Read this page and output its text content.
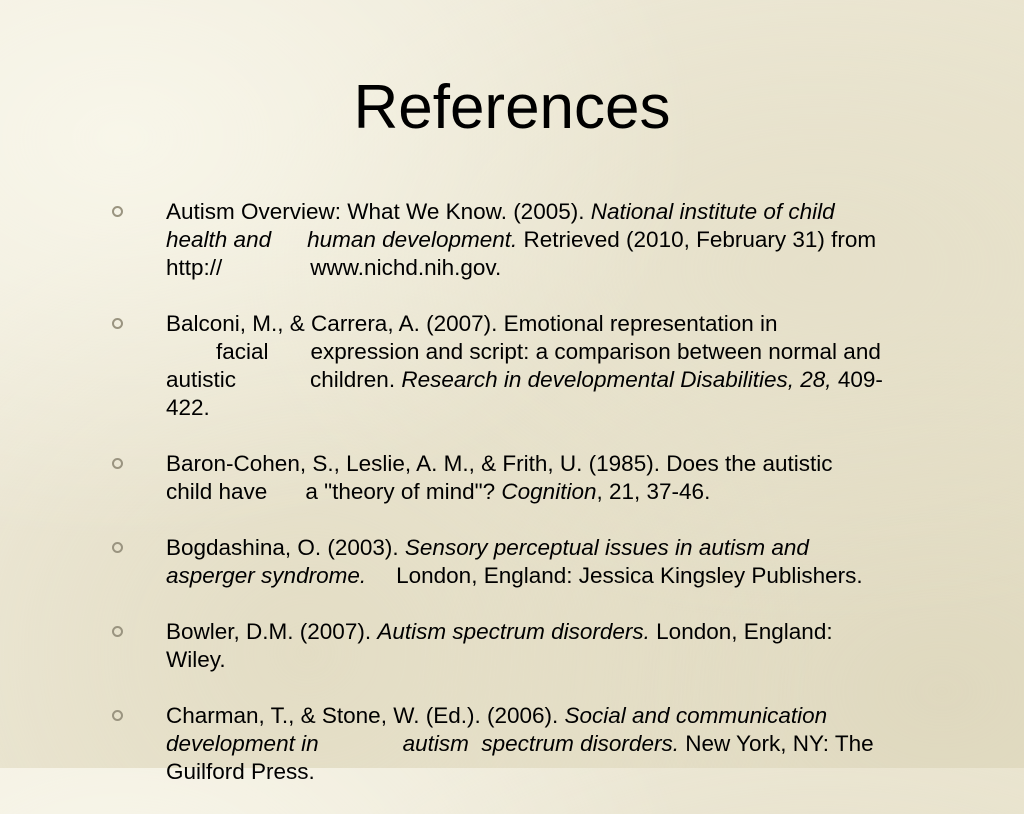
References
Autism Overview: What We Know. (2005). National institute of child
health and human development. Retrieved (2010, February 31) from
http://	www.nichd.nih.gov.
Balconi, M., & Carrera, A. (2007). Emotional representation in
facial expression and script: a comparison between normal and
autistic	children. Research in developmental Disabilities, 28, 409-
422.
Baron-Cohen, S., Leslie, A. M., & Frith, U. (1985). Does the autistic
child have a "theory of mind"? Cognition, 21, 37-46.
Bogdashina, O. (2003). Sensory perceptual issues in autism and
asperger syndrome. London, England: Jessica Kingsley Publishers.
Bowler, D.M. (2007). Autism spectrum disorders. London, England:
Wiley.
Charman, T., & Stone, W. (Ed.). (2006). Social and communication
development in	autism  spectrum disorders. New York, NY: The
Guilford Press.
